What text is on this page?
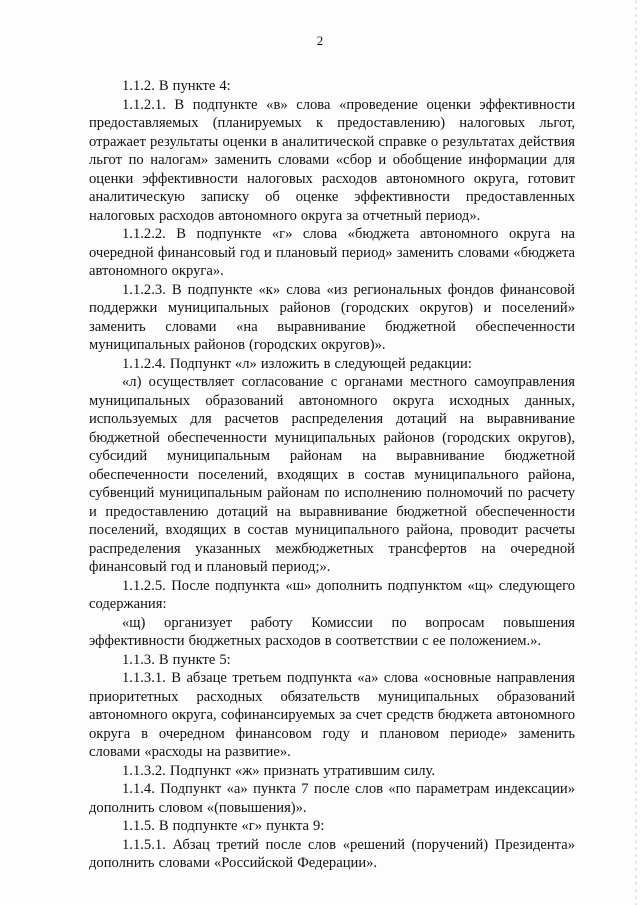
2

1.1.2. В пункте 4:

1.1.2.1. В подпункте «в» слова «проведение оценки эффективности предоставляемых (планируемых к предоставлению) налоговых льгот, отражает результаты оценки в аналитической справке о результатах действия льгот по налогам» заменить словами «сбор и обобщение информации для оценки эффективности налоговых расходов автономного округа, готовит аналитическую записку об оценке эффективности предоставленных налоговых расходов автономного округа за отчетный период».

1.1.2.2. В подпункте «г» слова «бюджета автономного округа на очередной финансовый год и плановый период» заменить словами «бюджета автономного округа».

1.1.2.3. В подпункте «к» слова «из региональных фондов финансовой поддержки муниципальных районов (городских округов) и поселений» заменить словами «на выравнивание бюджетной обеспеченности муниципальных районов (городских округов)».

1.1.2.4. Подпункт «л» изложить в следующей редакции:

«л) осуществляет согласование с органами местного самоуправления муниципальных образований автономного округа исходных данных, используемых для расчетов распределения дотаций на выравнивание бюджетной обеспеченности муниципальных районов (городских округов), субсидий муниципальным районам на выравнивание бюджетной обеспеченности поселений, входящих в состав муниципального района, субвенций муниципальным районам по исполнению полномочий по расчету и предоставлению дотаций на выравнивание бюджетной обеспеченности поселений, входящих в состав муниципального района, проводит расчеты распределения указанных межбюджетных трансфертов на очередной финансовый год и плановый период;».

1.1.2.5. После подпункта «ш» дополнить подпунктом «щ» следующего содержания:

«щ) организует работу Комиссии по вопросам повышения эффективности бюджетных расходов в соответствии с ее положением.».

1.1.3. В пункте 5:

1.1.3.1. В абзаце третьем подпункта «а» слова «основные направления приоритетных расходных обязательств муниципальных образований автономного округа, софинансируемых за счет средств бюджета автономного округа в очередном финансовом году и плановом периоде» заменить словами «расходы на развитие».

1.1.3.2. Подпункт «ж» признать утратившим силу.

1.1.4. Подпункт «а» пункта 7 после слов «по параметрам индексации» дополнить словом «(повышения)».

1.1.5. В подпункте «г» пункта 9:

1.1.5.1. Абзац третий после слов «решений (поручений) Президента» дополнить словами «Российской Федерации».
